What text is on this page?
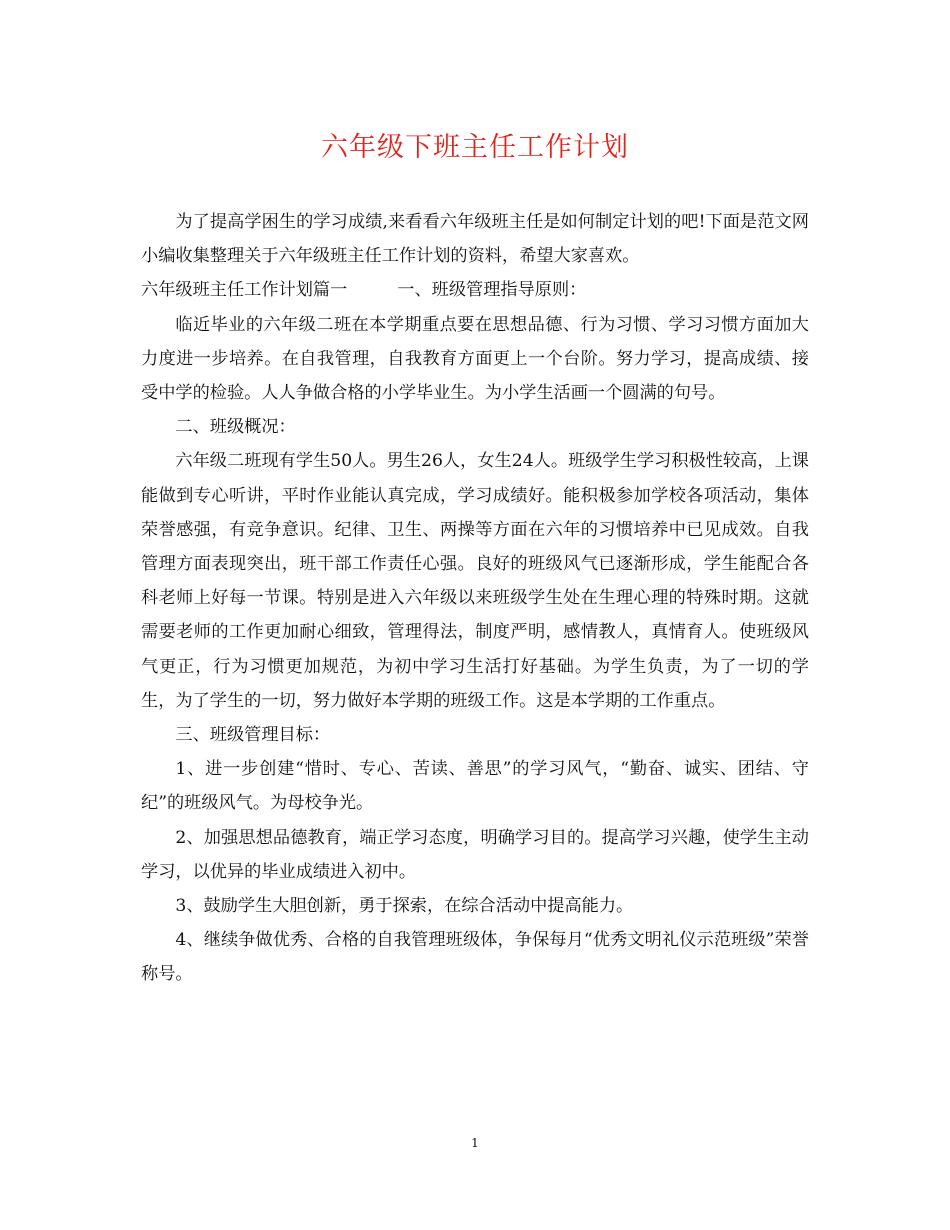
六年级下班主任工作计划

为了提高学困生的学习成绩,来看看六年级班主任是如何制定计划的吧!下面是范文网小编收集整理关于六年级班主任工作计划的资料，希望大家喜欢。

六年级班主任工作计划篇一	一、班级管理指导原则：

临近毕业的六年级二班在本学期重点要在思想品德、行为习惯、学习习惯方面加大力度进一步培养。在自我管理，自我教育方面更上一个台阶。努力学习，提高成绩、接受中学的检验。人人争做合格的小学毕业生。为小学生活画一个圆满的句号。

二、班级概况：

六年级二班现有学生50人。男生26人，女生24人。班级学生学习积极性较高，上课能做到专心听讲，平时作业能认真完成，学习成绩好。能积极参加学校各项活动，集体荣誉感强，有竞争意识。纪律、卫生、两操等方面在六年的习惯培养中已见成效。自我管理方面表现突出，班干部工作责任心强。良好的班级风气已逐渐形成，学生能配合各科老师上好每一节课。特别是进入六年级以来班级学生处在生理心理的特殊时期。这就需要老师的工作更加耐心细致，管理得法，制度严明，感情教人，真情育人。使班级风气更正，行为习惯更加规范，为初中学习生活打好基础。为学生负责，为了一切的学生，为了学生的一切，努力做好本学期的班级工作。这是本学期的工作重点。

三、班级管理目标：

1、进一步创建“惜时、专心、苦读、善思”的学习风气，“勤奋、诚实、团结、守纪”的班级风气。为母校争光。

2、加强思想品德教育，端正学习态度，明确学习目的。提高学习兴趣，使学生主动学习，以优异的毕业成绩进入初中。

3、鼓励学生大胆创新，勇于探索，在综合活动中提高能力。

4、继续争做优秀、合格的自我管理班级体，争保每月“优秀文明礼仪示范班级”荣誉称号。

1
